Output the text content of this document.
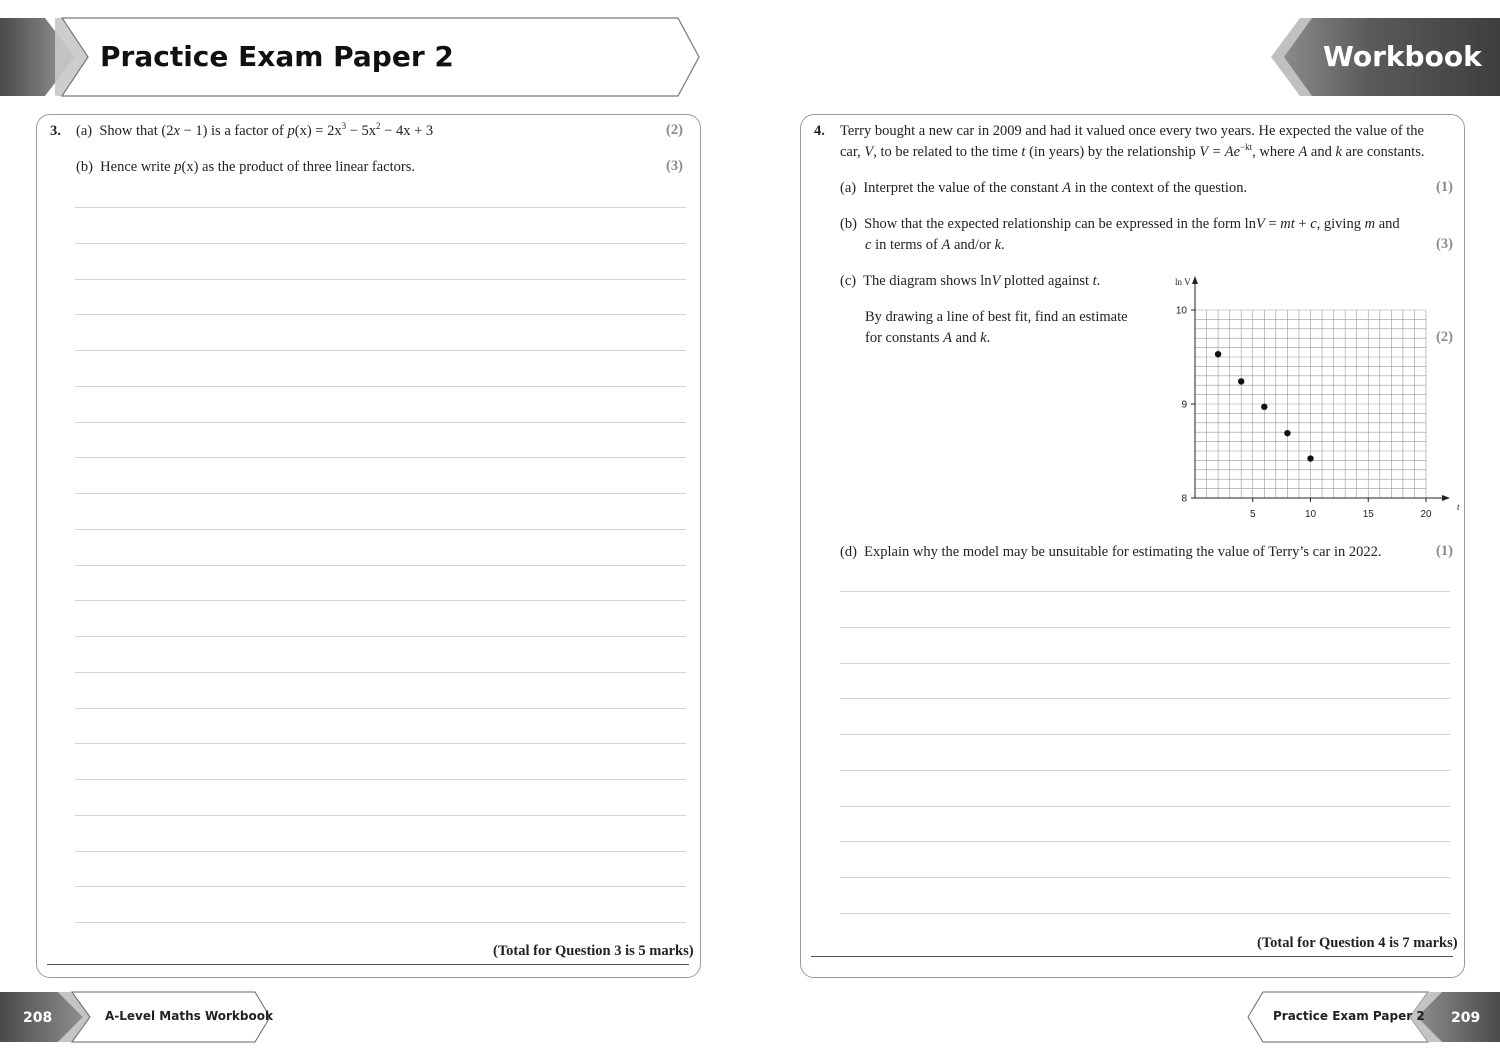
Practice Exam Paper 2	Workbook
3. (a) Show that (2x − 1) is a factor of $p(x) = 2x^3 - 5x^2 - 4x + 3$	(2)
(b) Hence write p(x) as the product of three linear factors.	(3)
(Total for Question 3 is 5 marks)
4. Terry bought a new car in 2009 and had it valued once every two years. He expected the value of the
car, V, to be related to the time t (in years) by the relationship $V = Ae^{-kt}$, where A and k are constants.
(a) Interpret the value of the constant A in the context of the question.	(1)
(b) Show that the expected relationship can be expressed in the form lnV = mt + c, giving m and
c in terms of A and/or k.	(3)
(c) The diagram shows lnV plotted against t.
By drawing a line of best fit, find an estimate
for constants A and k.	(2)
5	10	15	20
8
9
10
ln V
t
(d) Explain why the model may be unsuitable for estimating the value of Terry’s car in 2022.	(1)
(Total for Question 4 is 7 marks)
208	A-Level Maths Workbook	Practice Exam Paper 2 209
